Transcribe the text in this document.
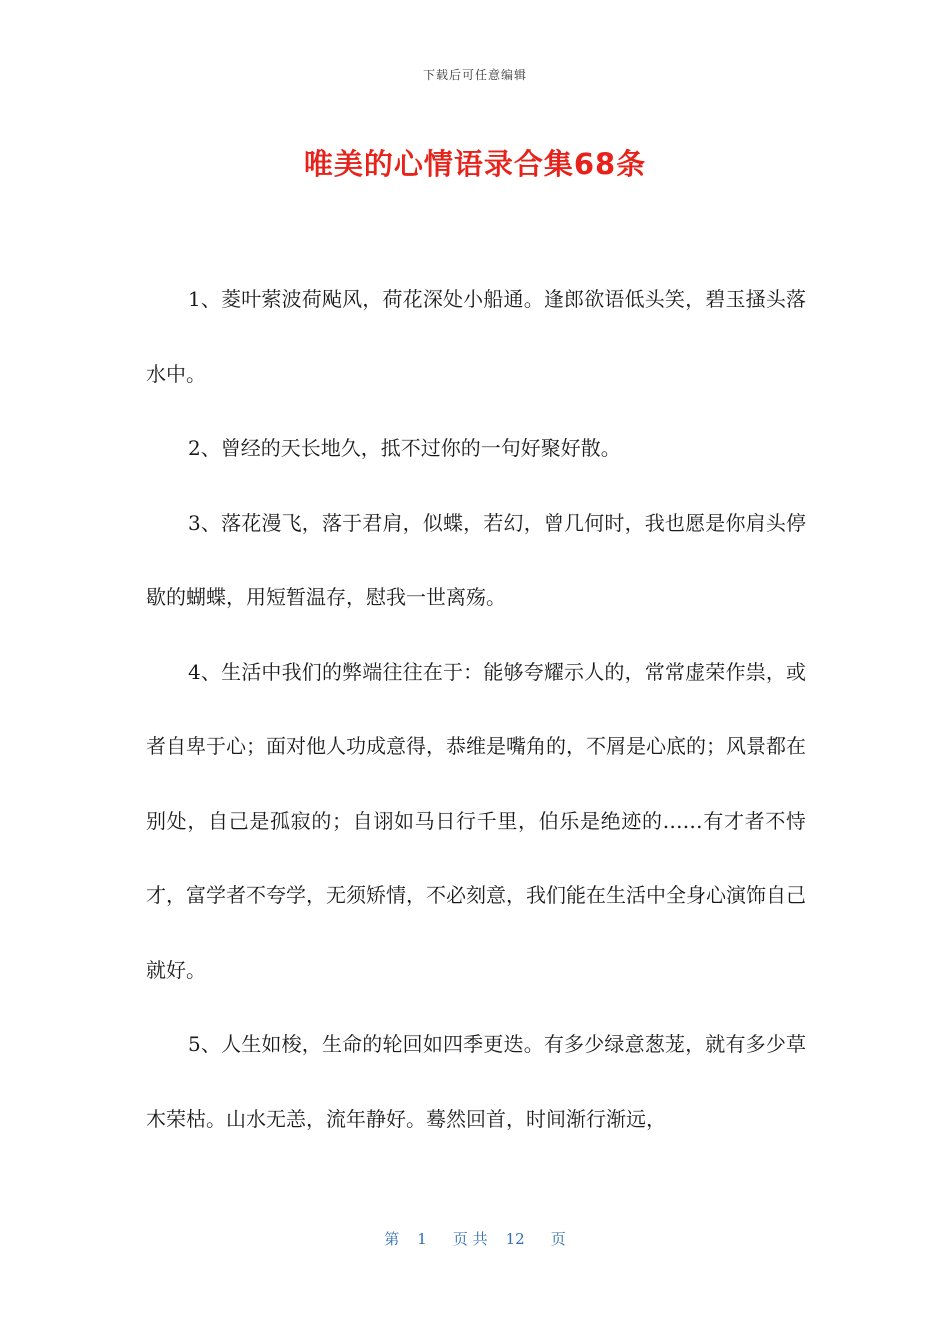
下载后可任意编辑
唯美的心情语录合集68条

1、菱叶萦波荷飐风，荷花深处小船通。逢郎欲语低头笑，碧玉搔头落水中。

2、曾经的天长地久，抵不过你的一句好聚好散。

3、落花漫飞，落于君肩，似蝶，若幻，曾几何时，我也愿是你肩头停歇的蝴蝶，用短暂温存，慰我一世离殇。

4、生活中我们的弊端往往在于：能够夸耀示人的，常常虚荣作祟，或者自卑于心；面对他人功成意得，恭维是嘴角的，不屑是心底的；风景都在别处，自己是孤寂的；自诩如马日行千里，伯乐是绝迹的……有才者不恃才，富学者不夸学，无须矫情，不必刻意，我们能在生活中全身心演饰自己就好。

5、人生如梭，生命的轮回如四季更迭。有多少绿意葱茏，就有多少草木荣枯。山水无恙，流年静好。蓦然回首，时间渐行渐远，

第 1 页 共 12 页
